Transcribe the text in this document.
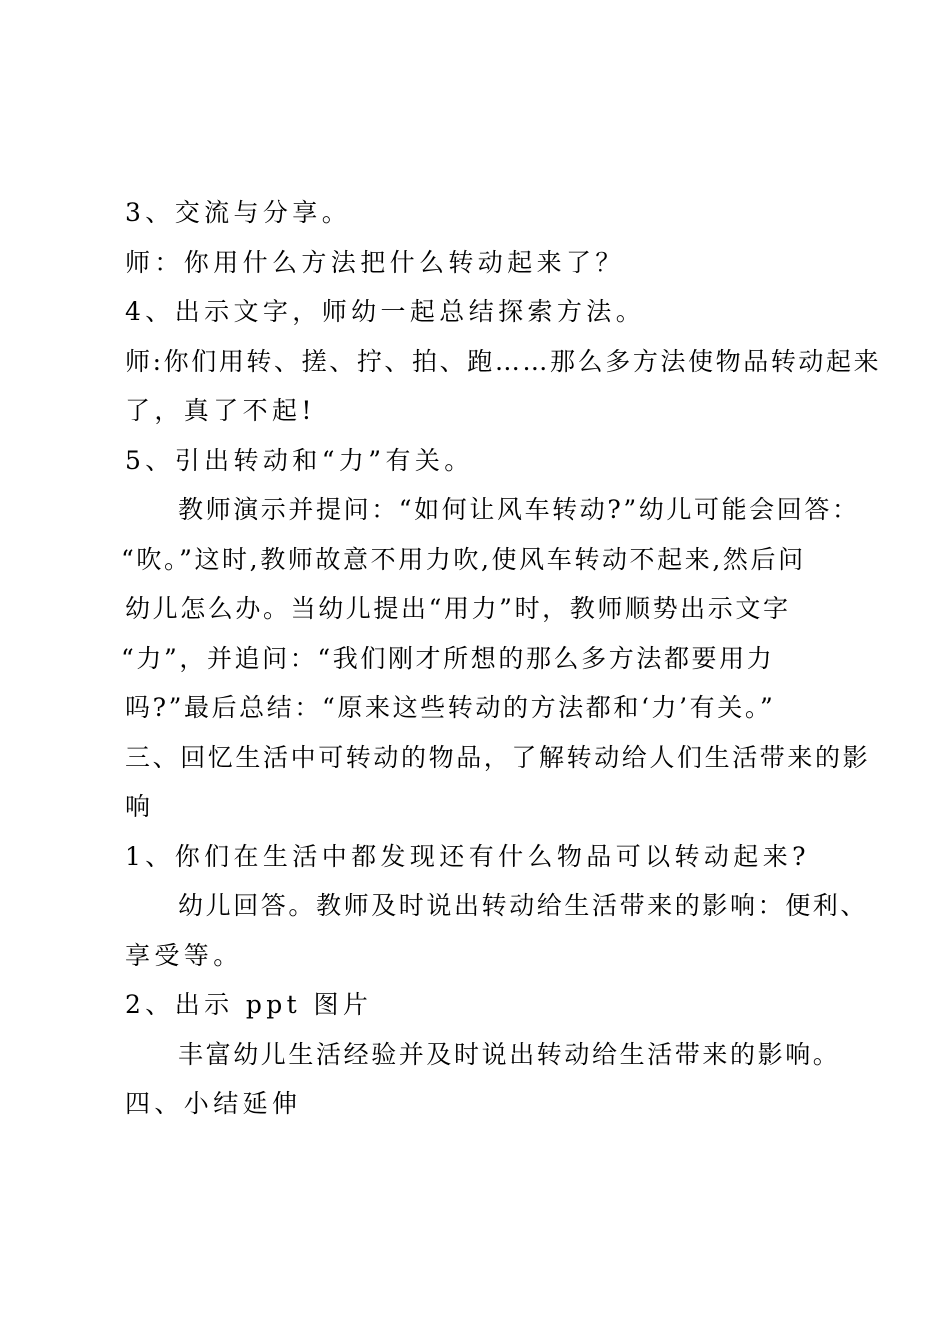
3、交流与分享。
师：你用什么方法把什么转动起来了？
4、出示文字，师幼一起总结探索方法。
师:你们用转、搓、拧、拍、跑……那么多方法使物品转动起来
了，真了不起!
5、引出转动和“力”有关。
教师演示并提问：“如何让风车转动?”幼儿可能会回答：
“吹。”这时,教师故意不用力吹,使风车转动不起来,然后问
幼儿怎么办。当幼儿提出“用力”时，教师顺势出示文字
“力”，并追问：“我们刚才所想的那么多方法都要用力
吗?”最后总结：“原来这些转动的方法都和‘力’有关。”
三、回忆生活中可转动的物品，了解转动给人们生活带来的影
响
1、你们在生活中都发现还有什么物品可以转动起来?
幼儿回答。教师及时说出转动给生活带来的影响：便利、
享受等。
2、出示 ppt 图片
丰富幼儿生活经验并及时说出转动给生活带来的影响。
四、小结延伸
